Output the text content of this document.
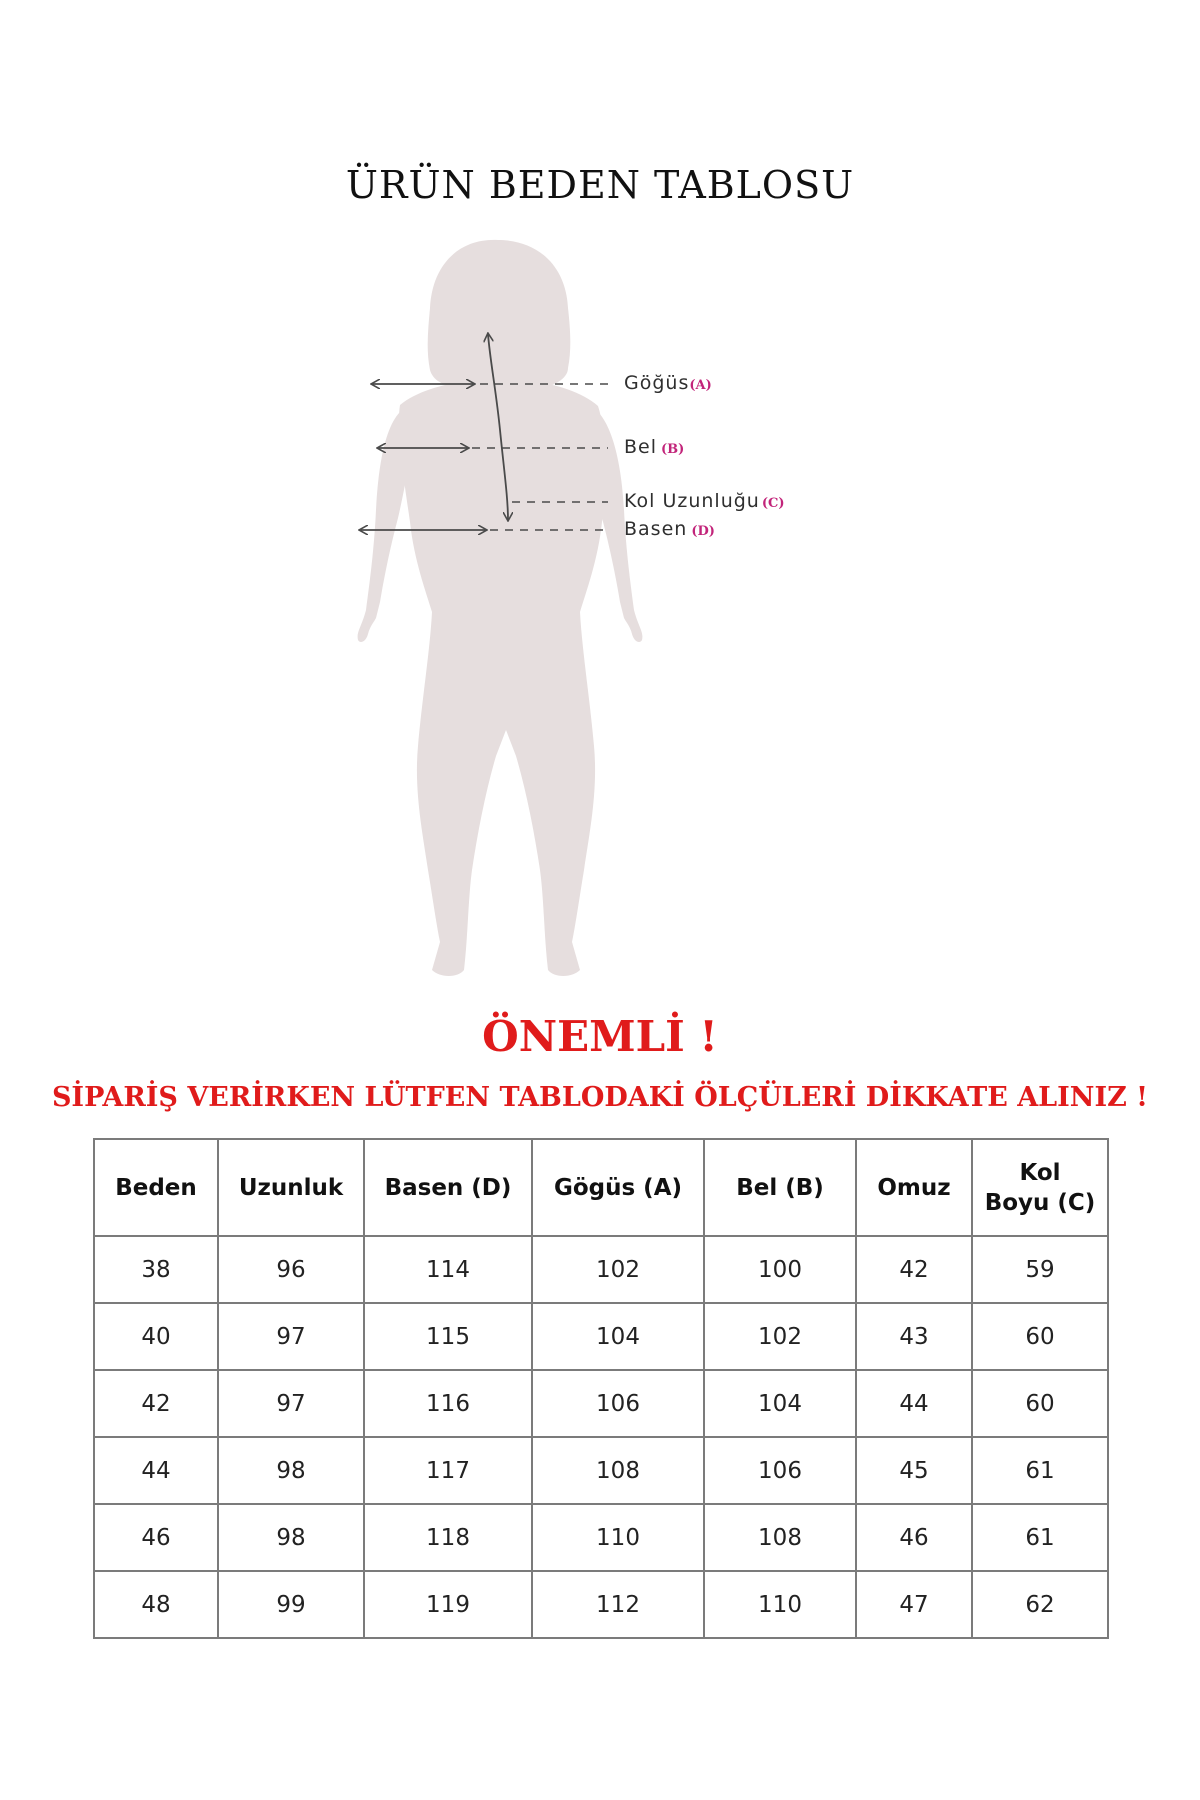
ÜRÜN BEDEN TABLOSU
Göğüs(A)
Bel (B)
Kol Uzunluğu (C)
Basen (D)
ÖNEMLİ !

SİPARİŞ VERİRKEN LÜTFEN TABLODAKİ ÖLÇÜLERİ DİKKATE ALINIZ !

Beden	Uzunluk	Basen (D)	Gögüs (A)	Bel (B)	Omuz	Kol
Boyu (C)
38	96	114	102	100	42	59
40	97	115	104	102	43	60
42	97	116	106	104	44	60
44	98	117	108	106	45	61
46	98	118	110	108	46	61
48	99	119	112	110	47	62
